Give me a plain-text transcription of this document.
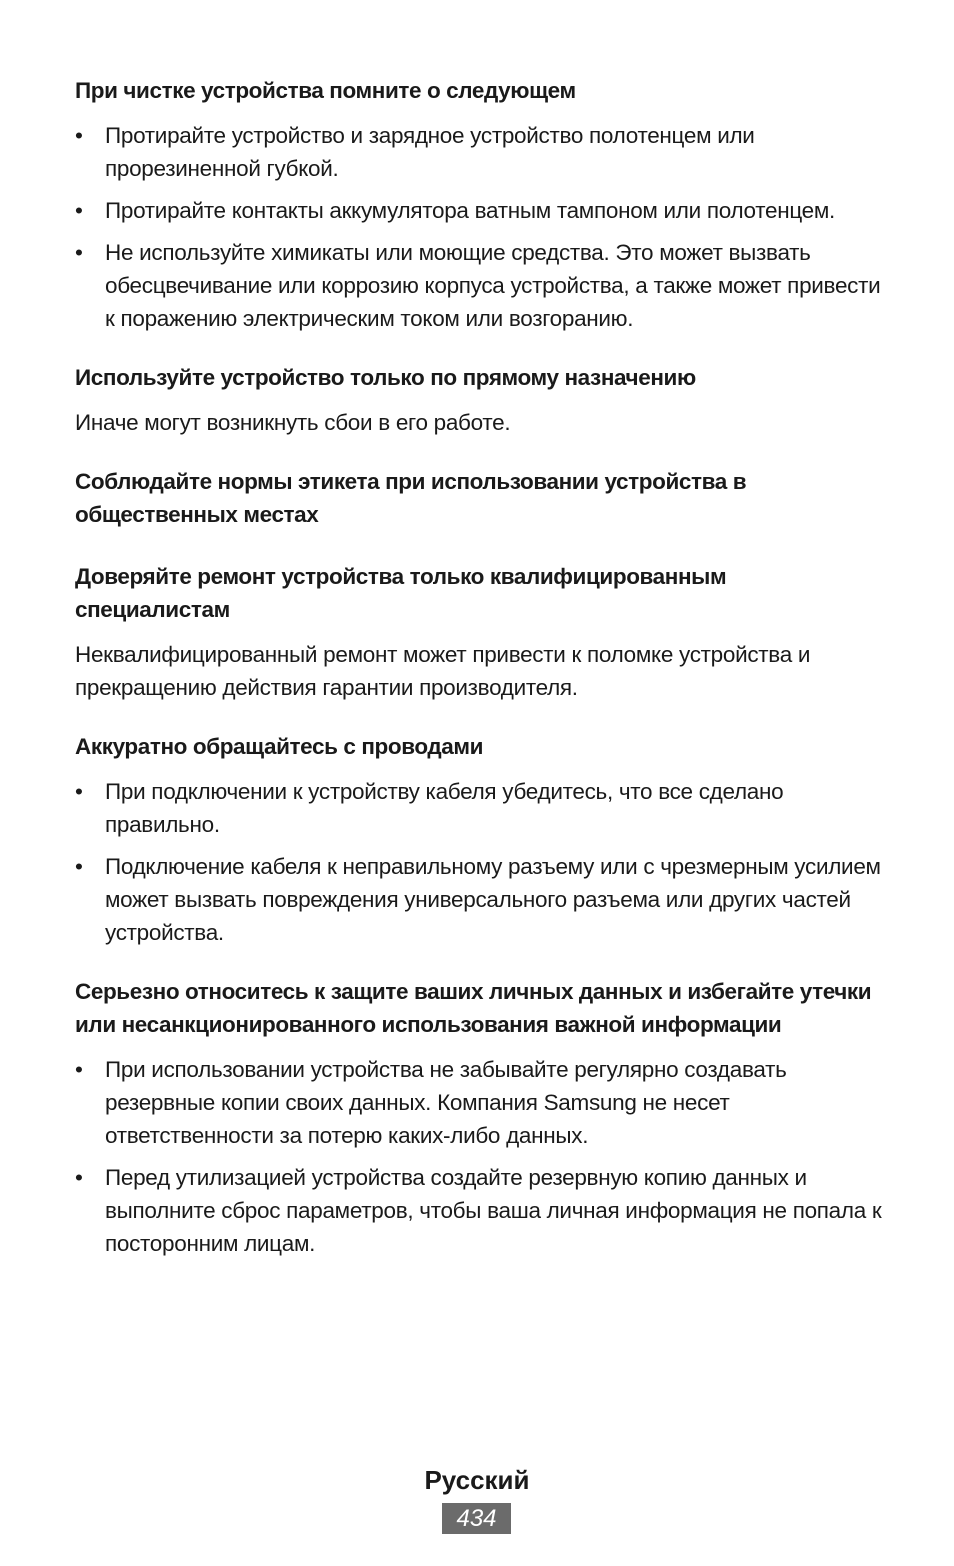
При чистке устройства помните о следующем
• Протирайте устройство и зарядное устройство полотенцем или прорезиненной губкой.
• Протирайте контакты аккумулятора ватным тампоном или полотенцем.
• Не используйте химикаты или моющие средства. Это может вызвать обесцвечивание или коррозию корпуса устройства, а также может привести к поражению электрическим током или возгоранию.
Используйте устройство только по прямому назначению

Иначе могут возникнуть сбои в его работе.

Соблюдайте нормы этикета при использовании устройства в общественных местах
Доверяйте ремонт устройства только квалифицированным специалистам

Неквалифицированный ремонт может привести к поломке устройства и прекращению действия гарантии производителя.

Аккуратно обращайтесь с проводами
• При подключении к устройству кабеля убедитесь, что все сделано правильно.
• Подключение кабеля к неправильному разъему или с чрезмерным усилием может вызвать повреждения универсального разъема или других частей устройства.
Серьезно относитесь к защите ваших личных данных и избегайте утечки или несанкционированного использования важной информации
• При использовании устройства не забывайте регулярно создавать резервные копии своих данных. Компания Samsung не несет ответственности за потерю каких-либо данных.
• Перед утилизацией устройства создайте резервную копию данных и выполните сброс параметров, чтобы ваша личная информация не попала к посторонним лицам.
Русский
434
